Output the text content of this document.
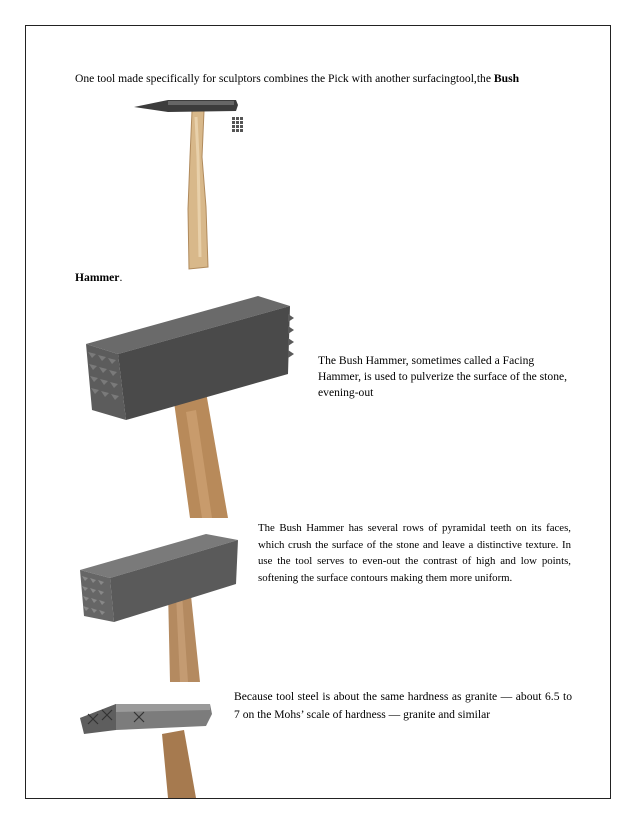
One tool made specifically for sculptors combines the Pick with another surfacingtool,the Bush
Hammer.
The Bush Hammer, sometimes called a Facing Hammer, is used to pulverize the surface of the stone, evening-out
The Bush Hammer has several rows of pyramidal teeth on its faces, which crush the surface of the stone and leave a distinctive texture. In use the tool serves to even-out the contrast of high and low points, softening the surface contours making them more uniform.
Because tool steel is about the same hardness as granite — about 6.5 to 7 on the Mohs’ scale of hardness — granite and similar
